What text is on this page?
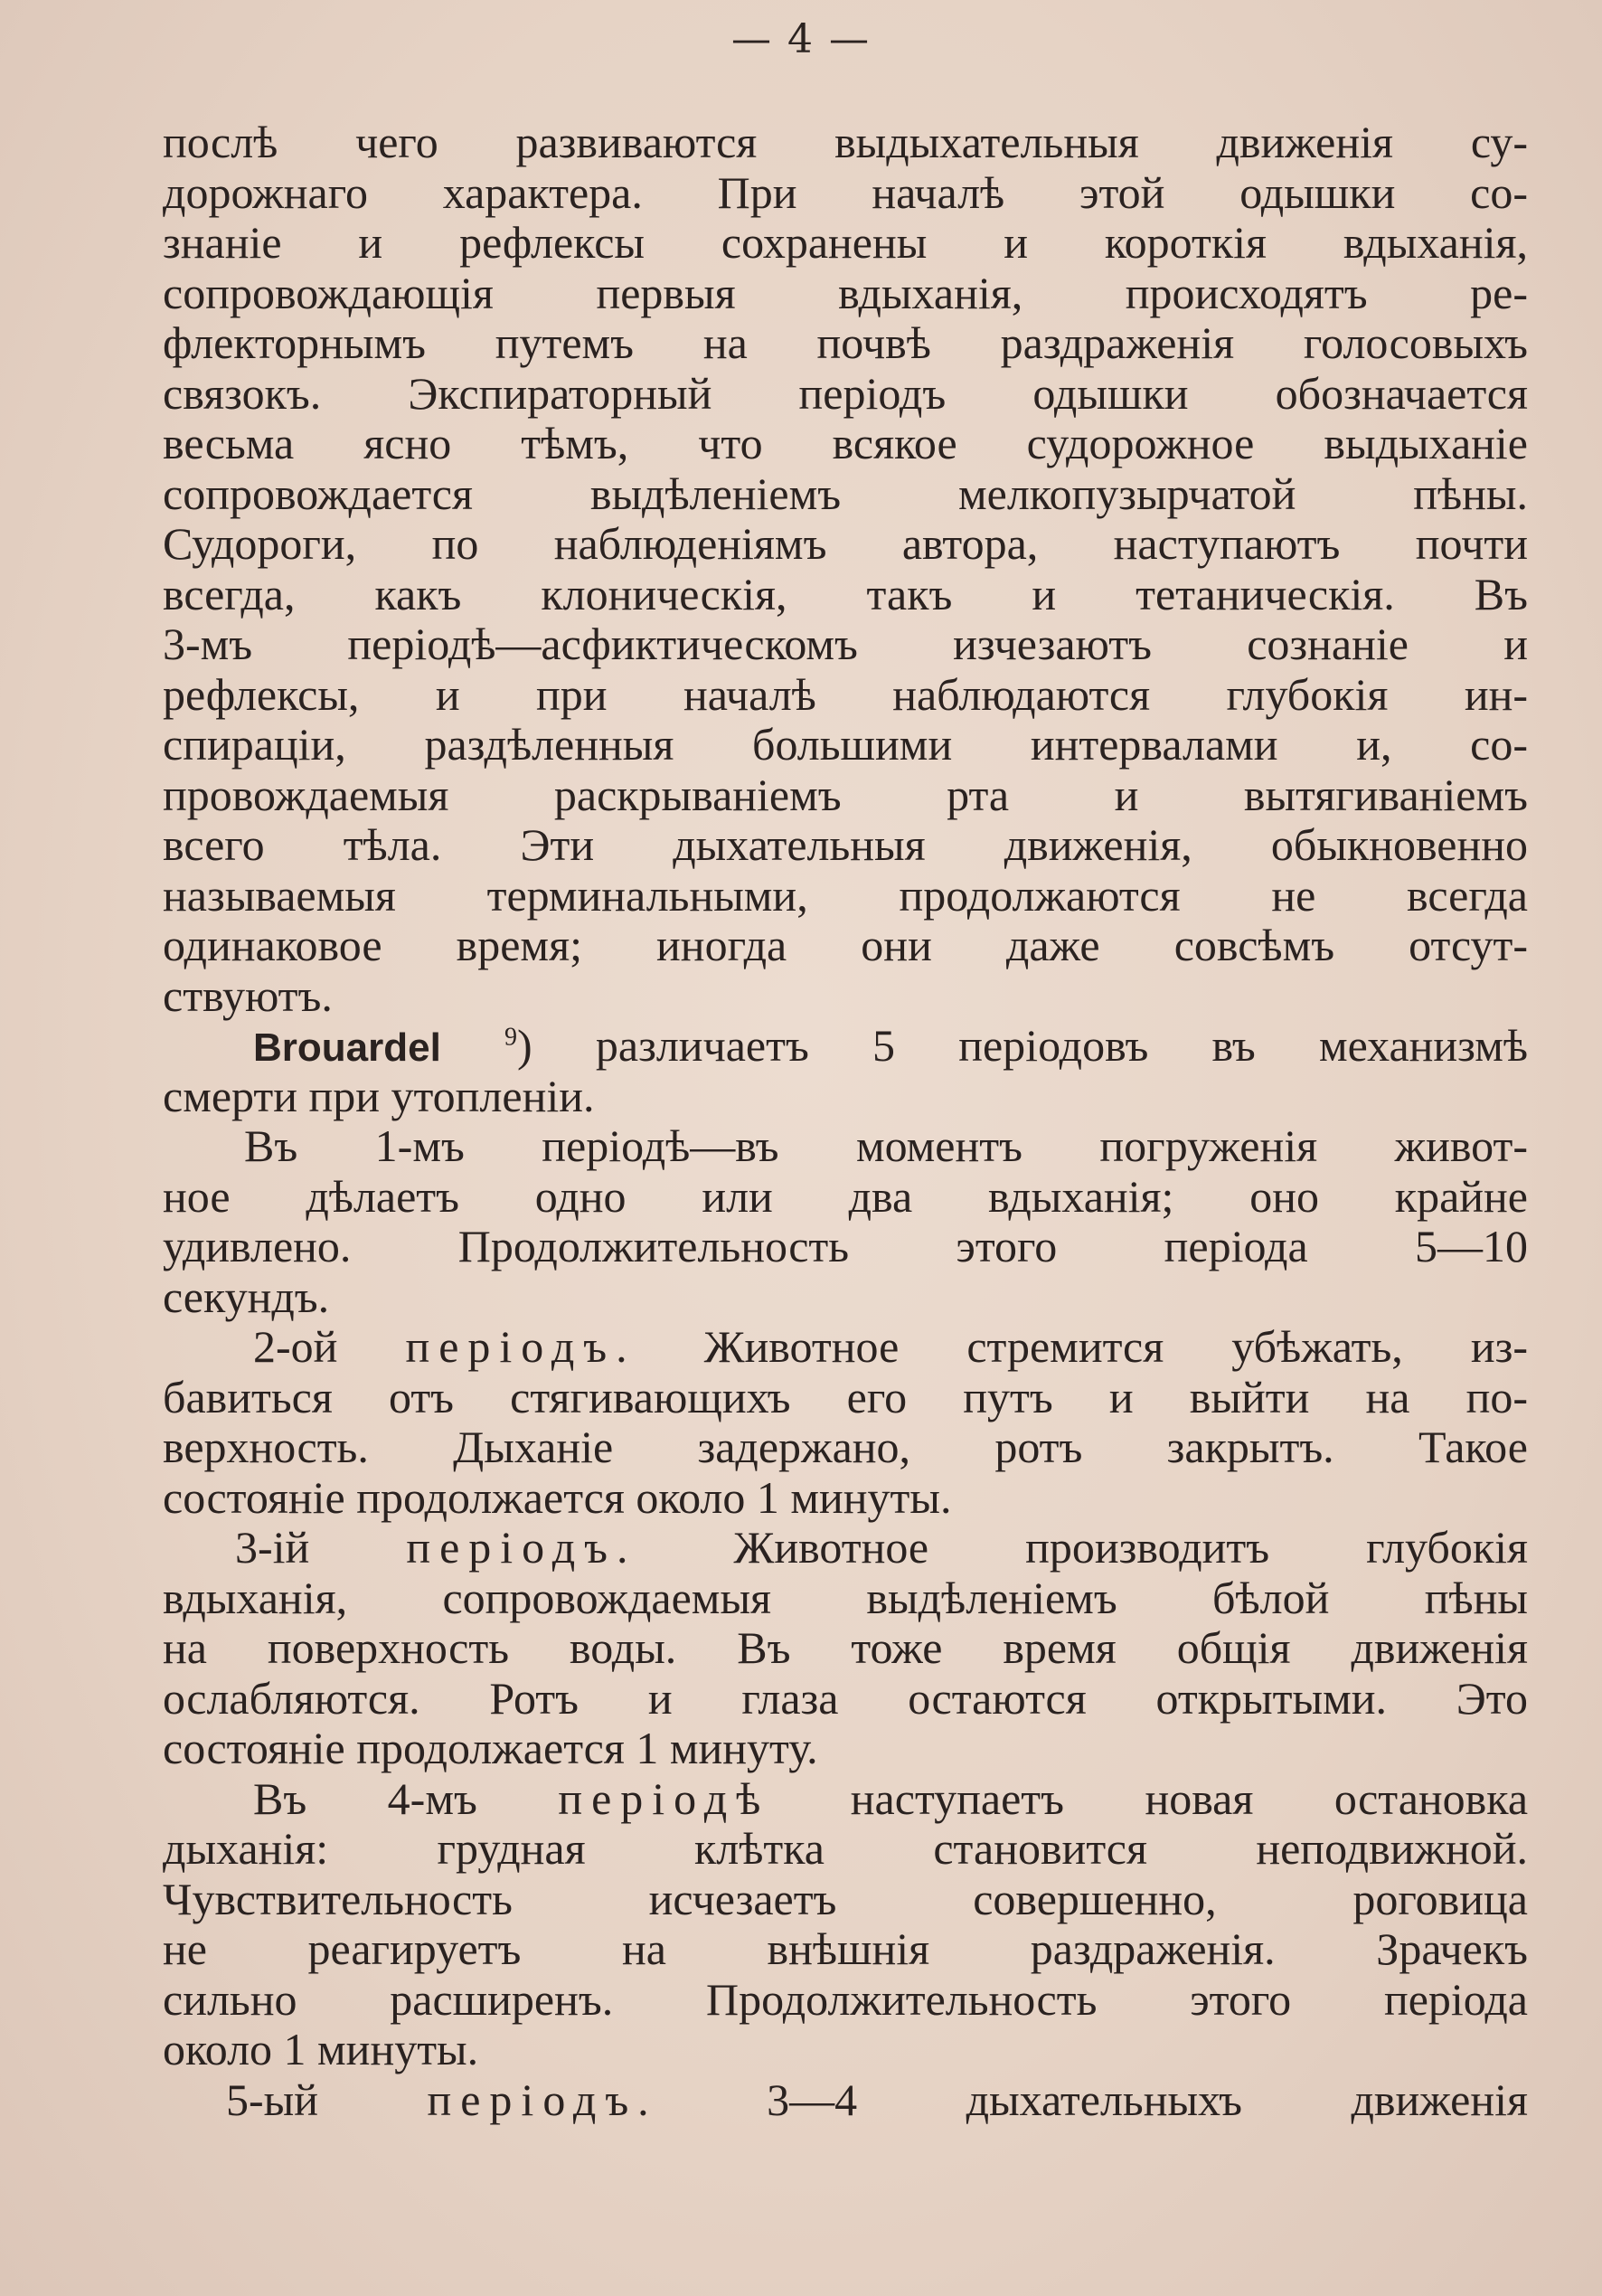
— 4 —
послѣ чего развиваются выдыхательныя движенія су-
дорожнаго характера. При началѣ этой одышки со-
знаніе и рефлексы сохранены и короткія вдыханія,
сопровождающія первыя вдыханія, происходятъ ре-
флекторнымъ путемъ на почвѣ раздраженія голосовыхъ
связокъ. Экспираторный періодъ одышки обозначается
весьма ясно тѣмъ, что всякое судорожное выдыханіе
сопровождается выдѣленіемъ мелкопузырчатой пѣны.
Судороги, по наблюденіямъ автора, наступаютъ почти
всегда, какъ клоническія, такъ и тетаническія. Въ
3-мъ періодѣ—асфиктическомъ изчезаютъ сознаніе и
рефлексы, и при началѣ наблюдаются глубокія ин-
спираціи, раздѣленныя большими интервалами и, со-
провождаемыя раскрываніемъ рта и вытягиваніемъ
всего тѣла. Эти дыхательныя движенія, обыкновенно
называемыя терминальными, продолжаются не всегда
одинаковое время; иногда они даже совсѣмъ отсут-
ствуютъ.
Brouardel	$^9$) различаетъ 5 періодовъ въ механизмѣ
смерти при утопленіи.
Въ 1-мъ періодѣ—въ моментъ погруженія живот-
ное дѣлаетъ одно или два вдыханія; оно крайне
удивлено. Продолжительность этого періода 5—10
секундъ.
2-ой періодъ. Животное стремится убѣжать, из-
бавиться отъ стягивающихъ его путъ и выйти на по-
верхность. Дыханіе задержано, ротъ закрытъ. Такое
состояніе продолжается около 1 минуты.
3-ій періодъ. Животное производитъ глубокія
вдыханія, сопровождаемыя выдѣленіемъ бѣлой пѣны
на поверхность воды. Въ тоже время общія движенія
ослабляются. Ротъ и глаза остаются открытыми. Это
состояніе продолжается 1 минуту.
Въ 4-мъ періодѣ наступаетъ новая остановка
дыханія: грудная клѣтка становится неподвижной.
Чувствительность исчезаетъ совершенно, роговица
не реагируетъ на внѣшнія раздраженія. Зрачекъ
сильно расширенъ. Продолжительность этого періода
около 1 минуты.
5-ый періодъ. 3—4 дыхательныхъ движенія
